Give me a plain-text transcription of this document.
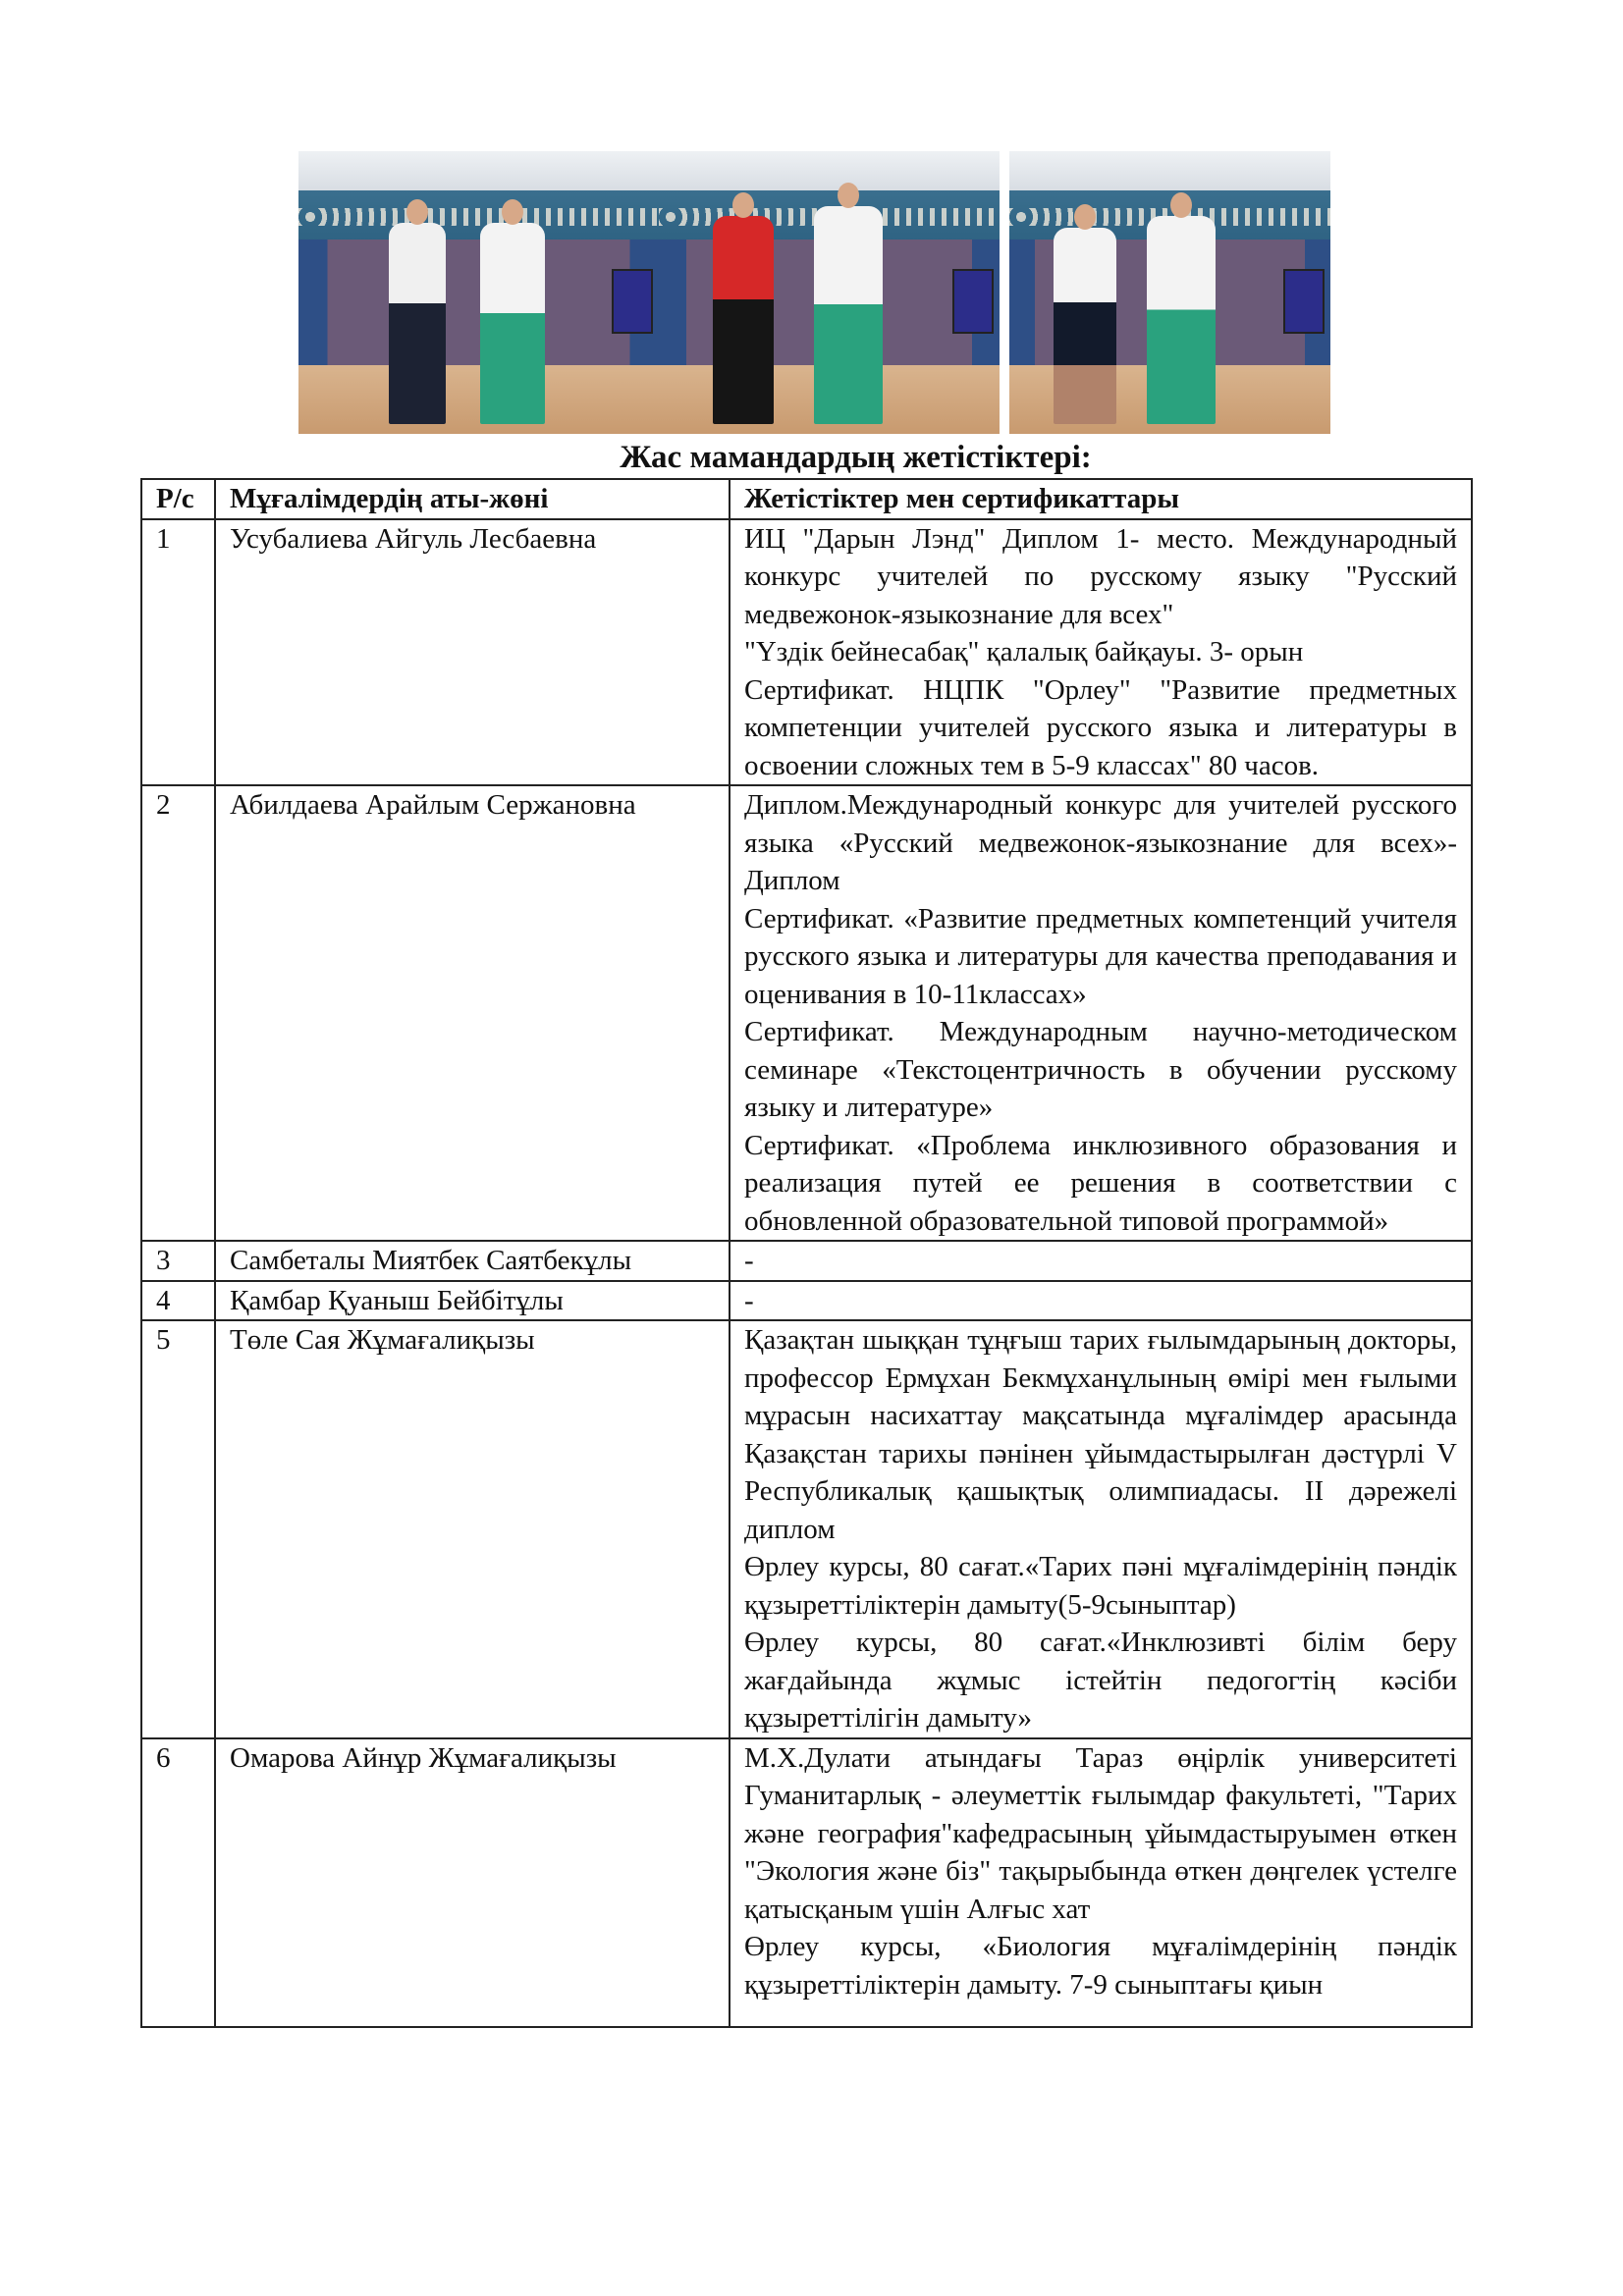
Жас мамандардың жетістіктері:
Р/с	Мұғалімдердің аты-жөні	Жетістіктер мен сертификаттары
1	Усубалиева Айгуль Лесбаевна	ИЦ "Дарын Лэнд" Диплом 1- место. Международный конкурс учителей по русскому языку "Русский медвежонок-языкознание для всех"

"Үздік бейнесабақ" қалалық байқауы. 3- орын

Сертификат. НЦПК "Орлеу" "Развитие предметных компетенции учителей русского языка и литературы в освоении сложных тем в 5-9 классах" 80 часов.

2	Абилдаева Арайлым Сержановна	Диплом.Международный конкурс для учителей русского языка «Русский медвежонок-языкознание для всех»- Диплом

Сертификат. «Развитие предметных компетенций учителя русского языка и литературы для качества преподавания и оценивания в 10-11классах»

Сертификат. Международным научно-методическом семинаре «Текстоцентричность в обучении русскому языку и литературе»

Сертификат. «Проблема инклюзивного образования и реализация путей ее решения в соответствии с обновленной образовательной типовой программой»

3	Самбеталы Миятбек Саятбекұлы	-

4	Қамбар Қуаныш Бейбітұлы	-

5	Төле Сая Жұмағалиқызы	Қазақтан шыққан тұңғыш тарих ғылымдарының докторы, профессор Ермұхан Бекмұханұлының өмірі мен ғылыми мұрасын насихаттау мақсатында мұғалімдер арасында Қазақстан тарихы пәнінен ұйымдастырылған дәстүрлі V Республикалық қашықтық олимпиадасы. II дәрежелі диплом

Өрлеу курсы, 80 сағат.«Тарих пәні мұғалімдерінің пәндік құзыреттіліктерін дамыту(5-9сыныптар)

Өрлеу курсы, 80 сағат.«Инклюзивті білім беру жағдайында жұмыс істейтін педогогтің кәсіби құзыреттілігін дамыту»

6	Омарова Айнұр Жұмағалиқызы	М.Х.Дулати атындағы Тараз өңірлік университеті Гуманитарлық - әлеуметтік ғылымдар факультеті, "Тарих және география"кафедрасының ұйымдастыруымен өткен "Экология және біз" тақырыбында өткен дөңгелек үстелге қатысқаным үшін Алғыс хат

Өрлеу курсы, «Биология мұғалімдерінің пәндік құзыреттіліктерін дамыту. 7-9 сыныптағы қиын
